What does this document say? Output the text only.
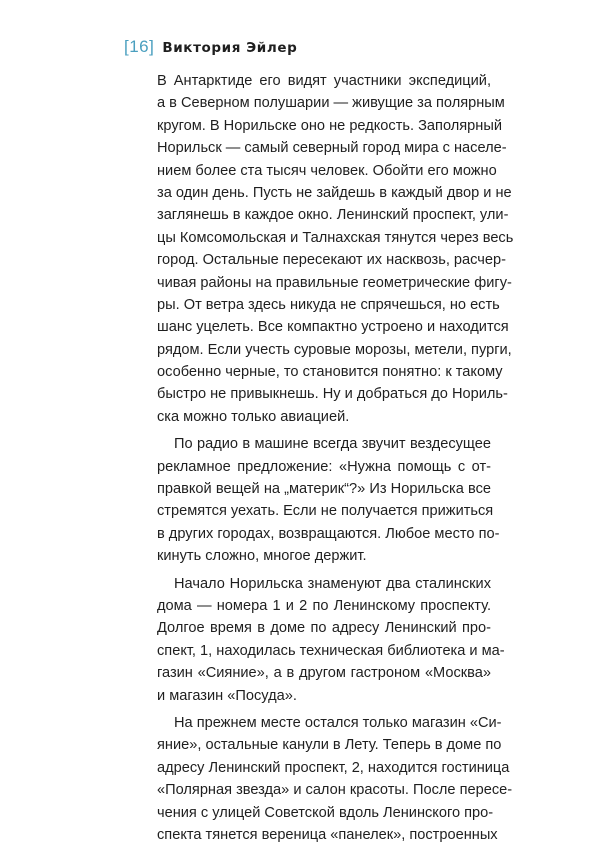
[16] Виктория Эйлер
В Антарктиде его видят участники экспедиций,
а в Северном полушарии — живущие за полярным
кругом. В Норильске оно не редкость. Заполярный
Норильск — самый северный город мира с населе-
нием более ста тысяч человек. Обойти его можно
за один день. Пусть не зайдешь в каждый двор и не
заглянешь в каждое окно. Ленинский проспект, ули-
цы Комсомольская и Талнахская тянутся через весь
город. Остальные пересекают их насквозь, расчер-
чивая районы на правильные геометрические фигу-
ры. От ветра здесь никуда не спрячешься, но есть
шанс уцелеть. Все компактно устроено и находится
рядом. Если учесть суровые морозы, метели, пурги,
особенно черные, то становится понятно: к такому
быстро не привыкнешь. Ну и добраться до Нориль-
ска можно только авиацией.
По радио в машине всегда звучит вездесущее
рекламное предложение: «Нужна помощь с от-
правкой вещей на „материк“?» Из Норильска все
стремятся уехать. Если не получается прижиться
в других городах, возвращаются. Любое место по-
кинуть сложно, многое держит.
Начало Норильска знаменуют два сталинских
дома — номера 1 и 2 по Ленинскому проспекту.
Долгое время в доме по адресу Ленинский про-
спект, 1, находилась техническая библиотека и ма-
газин «Сияние», а в другом гастроном «Москва»
и магазин «Посуда».
На прежнем месте остался только магазин «Си-
яние», остальные канули в Лету. Теперь в доме по
адресу Ленинский проспект, 2, находится гостиница
«Полярная звезда» и салон красоты. После пересе-
чения с улицей Советской вдоль Ленинского про-
спекта тянется вереница «панелек», построенных
